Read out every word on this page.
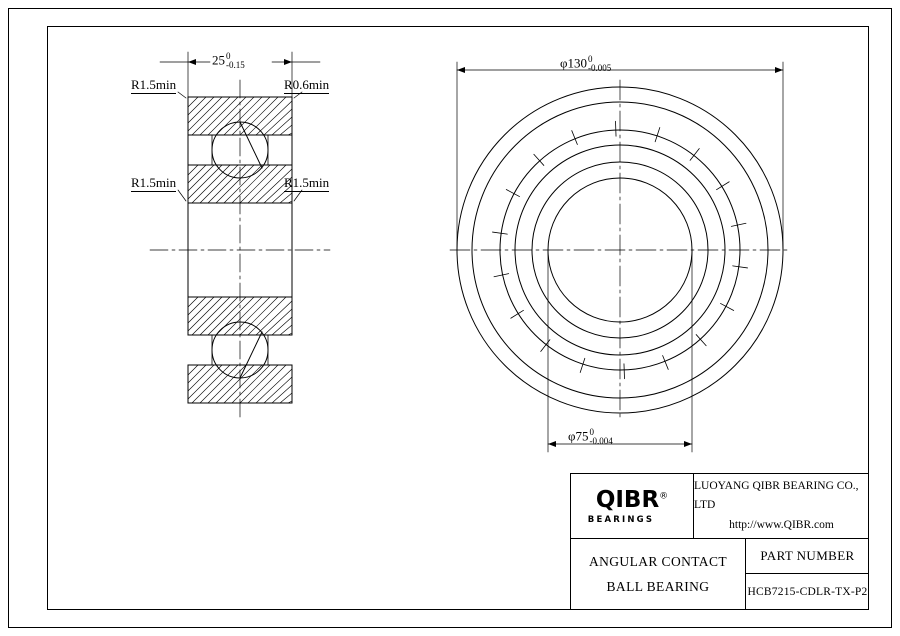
25 0
-0.15	φ130 0
-0.005
φ75 0
-0.004
R1.5min	R0.6min
R1.5min	R1.5min
QIBR®
BEARINGS
LUOYANG QIBR BEARING CO., LTD
http://www.QIBR.com
ANGULAR CONTACT
BALL BEARING
PART NUMBER
HCB7215-CDLR-TX-P2
